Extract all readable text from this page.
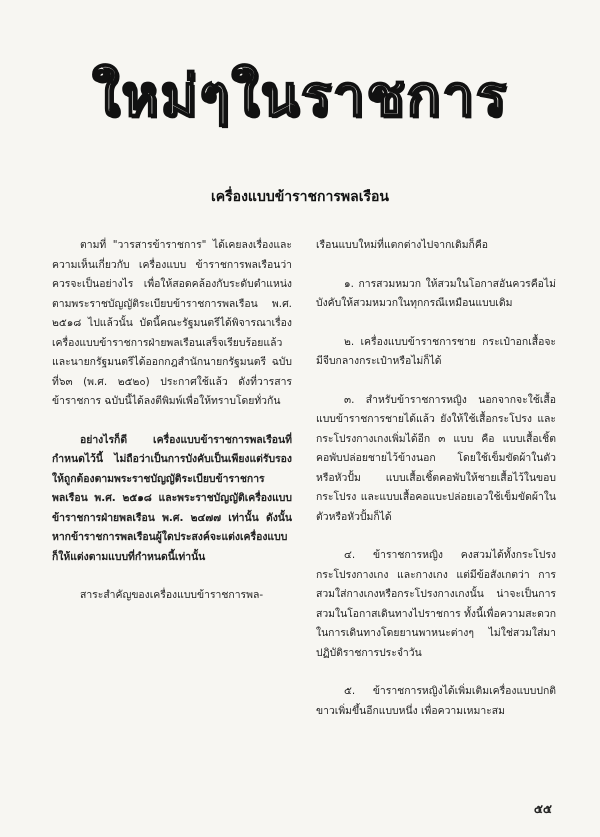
ใหม่ๆในราชการ
เครื่องแบบข้าราชการพลเรือน

ตามที่ "วารสารข้าราชการ" ได้เคยลงเรื่องและความเห็นเกี่ยวกับ เครื่องแบบ ข้าราชการพลเรือนว่า ควรจะเป็นอย่างไร เพื่อให้สอดคล้องกับระดับตำแหน่งตามพระราชบัญญัติระเบียบข้าราชการพลเรือน พ.ศ. ๒๕๑๘ ไปแล้วนั้น บัดนี้คณะรัฐมนตรีได้พิจารณาเรื่องเครื่องแบบข้าราชการฝ่ายพลเรือนเสร็จเรียบร้อยแล้ว และนายกรัฐมนตรีได้ออกกฎสำนักนายกรัฐมนตรี ฉบับที่๖๓ (พ.ศ. ๒๕๒๐) ประกาศใช้แล้ว ดังที่วารสารข้าราชการ ฉบับนี้ได้ลงตีพิมพ์เพื่อให้ทราบโดยทั่วกัน

อย่างไรก็ดี เครื่องแบบข้าราชการพลเรือนที่กำหนดไว้นี้ ไม่ถือว่าเป็นการบังคับเป็นเพียงแต่รับรองให้ถูกต้องตามพระราชบัญญัติระเบียบข้าราชการพลเรือน พ.ศ. ๒๕๑๘ และพระราชบัญญัติเครื่องแบบข้าราชการฝ่ายพลเรือน พ.ศ. ๒๔๗๗ เท่านั้น ดังนั้น หากข้าราชการพลเรือนผู้ใดประสงค์จะแต่งเครื่องแบบก็ให้แต่งตามแบบที่กำหนดนี้เท่านั้น

สาระสำคัญของเครื่องแบบข้าราชการพล-

เรือนแบบใหม่ที่แตกต่างไปจากเดิมก็คือ

๑. การสวมหมวก ให้สวมในโอกาสอันควรคือไม่บังคับให้สวมหมวกในทุกกรณีเหมือนแบบเดิม

๒. เครื่องแบบข้าราชการชาย กระเป๋าอกเสื้อจะมีจีบกลางกระเป๋าหรือไม่ก็ได้

๓. สำหรับข้าราชการหญิง นอกจากจะใช้เสื้อแบบข้าราชการชายได้แล้ว ยังให้ใช้เสื้อกระโปรง และกระโปรงกางเกงเพิ่มได้อีก ๓ แบบ คือ แบบเสื้อเชิ้ตคอพับปล่อยชายไว้ข้างนอก โดยใช้เข็มขัดผ้าในตัวหรือหัวปั้ม แบบเสื้อเชิ้ตคอพับให้ชายเสื้อไว้ในขอบกระโปรง และแบบเสื้อคอแบะปล่อยเอวใช้เข็มขัดผ้าในตัวหรือหัวปั้มก็ได้

๔. ข้าราชการหญิง คงสวมได้ทั้งกระโปรง กระโปรงกางเกง และกางเกง แต่มีข้อสังเกตว่า การสวมใส่กางเกงหรือกระโปรงกางเกงนั้น น่าจะเป็นการสวมในโอกาสเดินทางไปราชการ ทั้งนี้เพื่อความสะดวกในการเดินทางโดยยานพาหนะต่างๆ ไม่ใช่สวมใส่มาปฏิบัติราชการประจำวัน

๕. ข้าราชการหญิงได้เพิ่มเติมเครื่องแบบปกติขาวเพิ่มขึ้นอีกแบบหนึ่ง เพื่อความเหมาะสม

๕๕
